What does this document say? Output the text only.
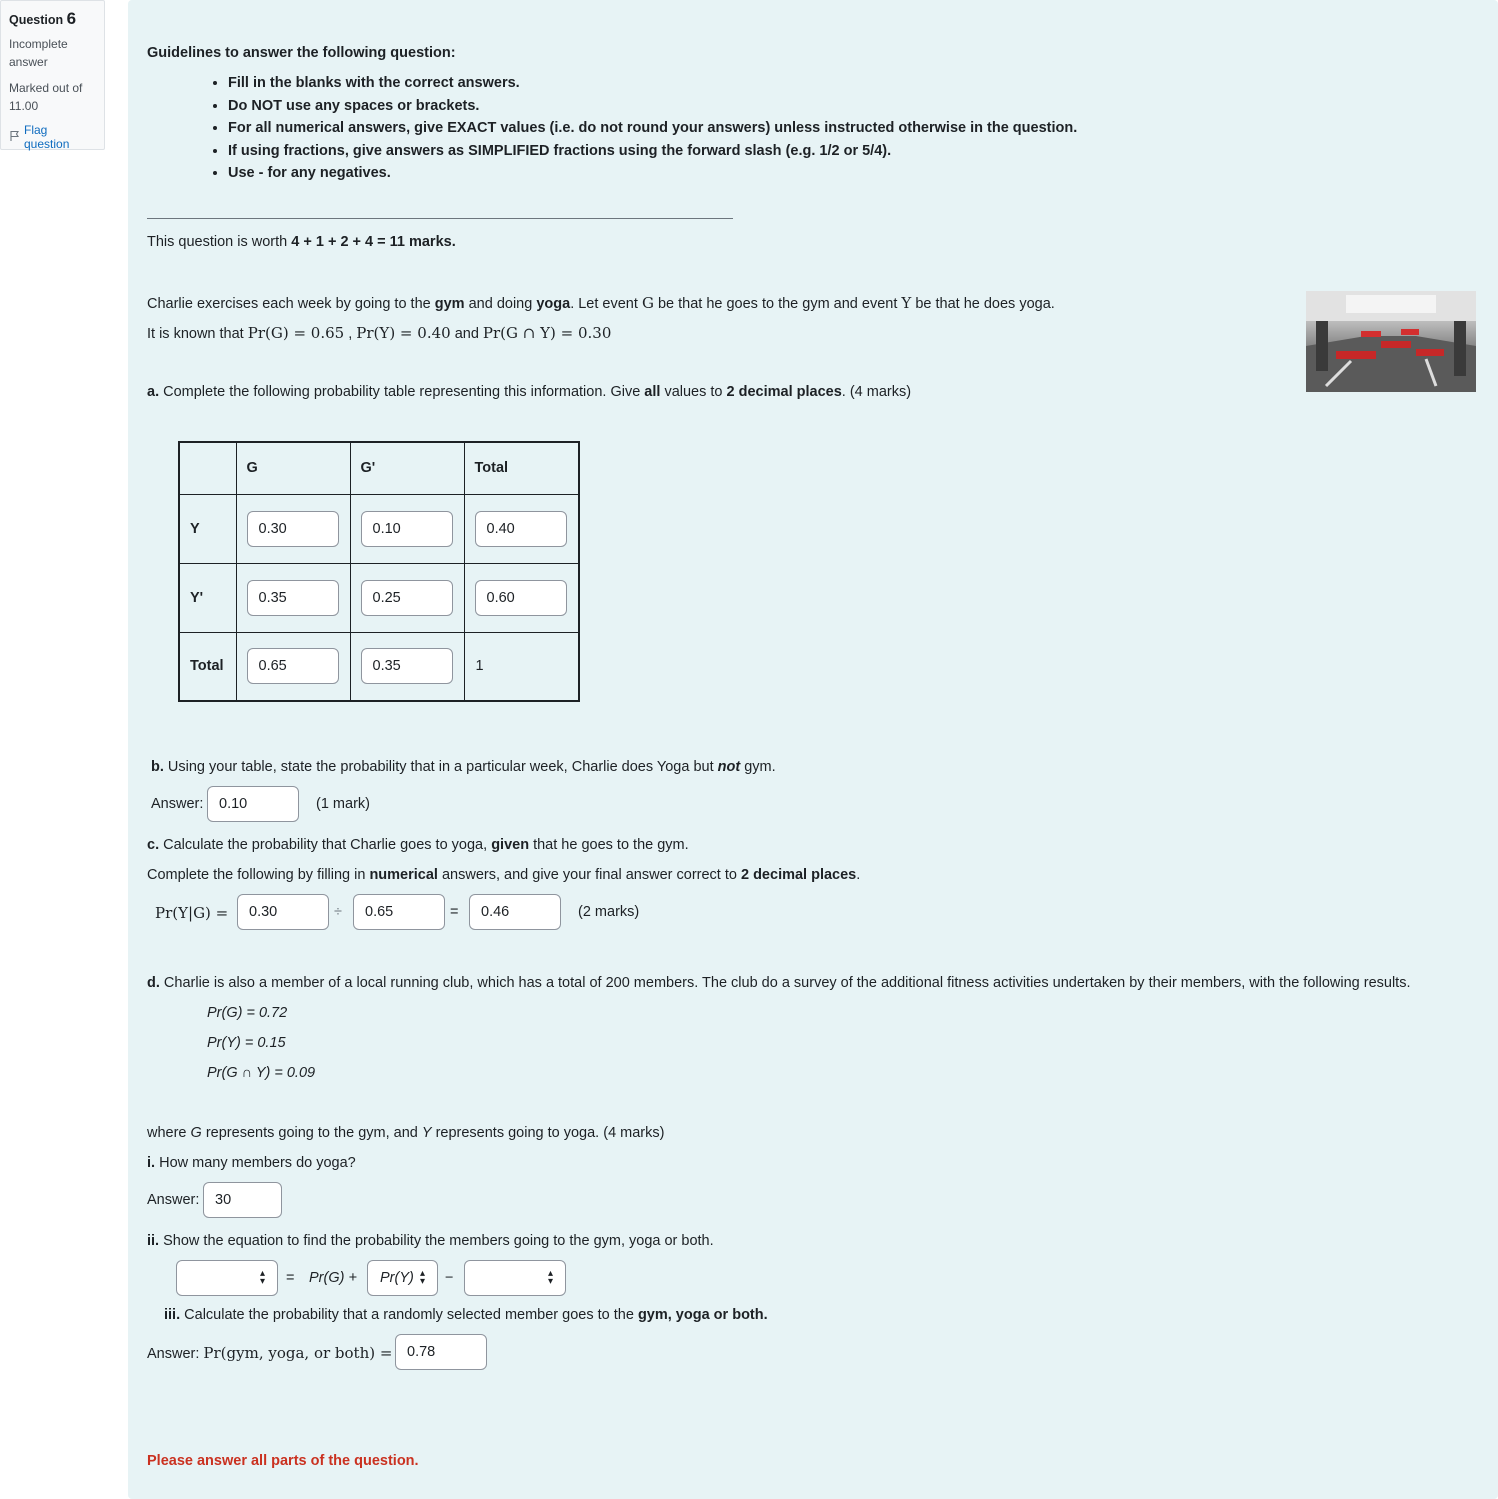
Question 6
Incomplete answer
Marked out of 11.00
Flag question
Guidelines to answer the following question:
• Fill in the blanks with the correct answers.
• Do NOT use any spaces or brackets.
• For all numerical answers, give EXACT values (i.e. do not round your answers) unless instructed otherwise in the question.
• If using fractions, give answers as SIMPLIFIED fractions using the forward slash (e.g. 1/2 or 5/4).
• Use - for any negatives.
This question is worth 4 + 1 + 2 + 4 = 11 marks.
Charlie exercises each week by going to the gym and doing yoga. Let event G be that he goes to the gym and event Y be that he does yoga.
It is known that Pr(G) = 0.65 , Pr(Y) = 0.40 and Pr(G ∩ Y) = 0.30
a. Complete the following probability table representing this information. Give all values to 2 decimal places. (4 marks)
	G	G'	Total
Y	0.30	0.10	0.40
Y'	0.35	0.25	0.60
Total	0.65	0.35	1
b. Using your table, state the probability that in a particular week, Charlie does Yoga but not gym.
Answer:
0.10	(1 mark)
c. Calculate the probability that Charlie goes to yoga, given that he goes to the gym.
Complete the following by filling in numerical answers, and give your final answer correct to 2 decimal places.
Pr(Y|G) =
0.30	÷
0.65	=
0.46	(2 marks)
d. Charlie is also a member of a local running club, which has a total of 200 members. The club do a survey of the additional fitness activities undertaken by their members, with the following results.
Pr(G) = 0.72
Pr(Y) = 0.15
Pr(G ∩ Y) = 0.09
where G represents going to the gym, and Y represents going to yoga. (4 marks)
i. How many members do yoga?
Answer:
30
ii. Show the equation to find the probability the members going to the gym, yoga or both.
▴
▾ = Pr(G) + Pr(Y) ▴
▾ −	▴
▾
iii. Calculate the probability that a randomly selected member goes to the gym, yoga or both.
Answer: Pr(gym, yoga, or both) =
0.78
Please answer all parts of the question.
